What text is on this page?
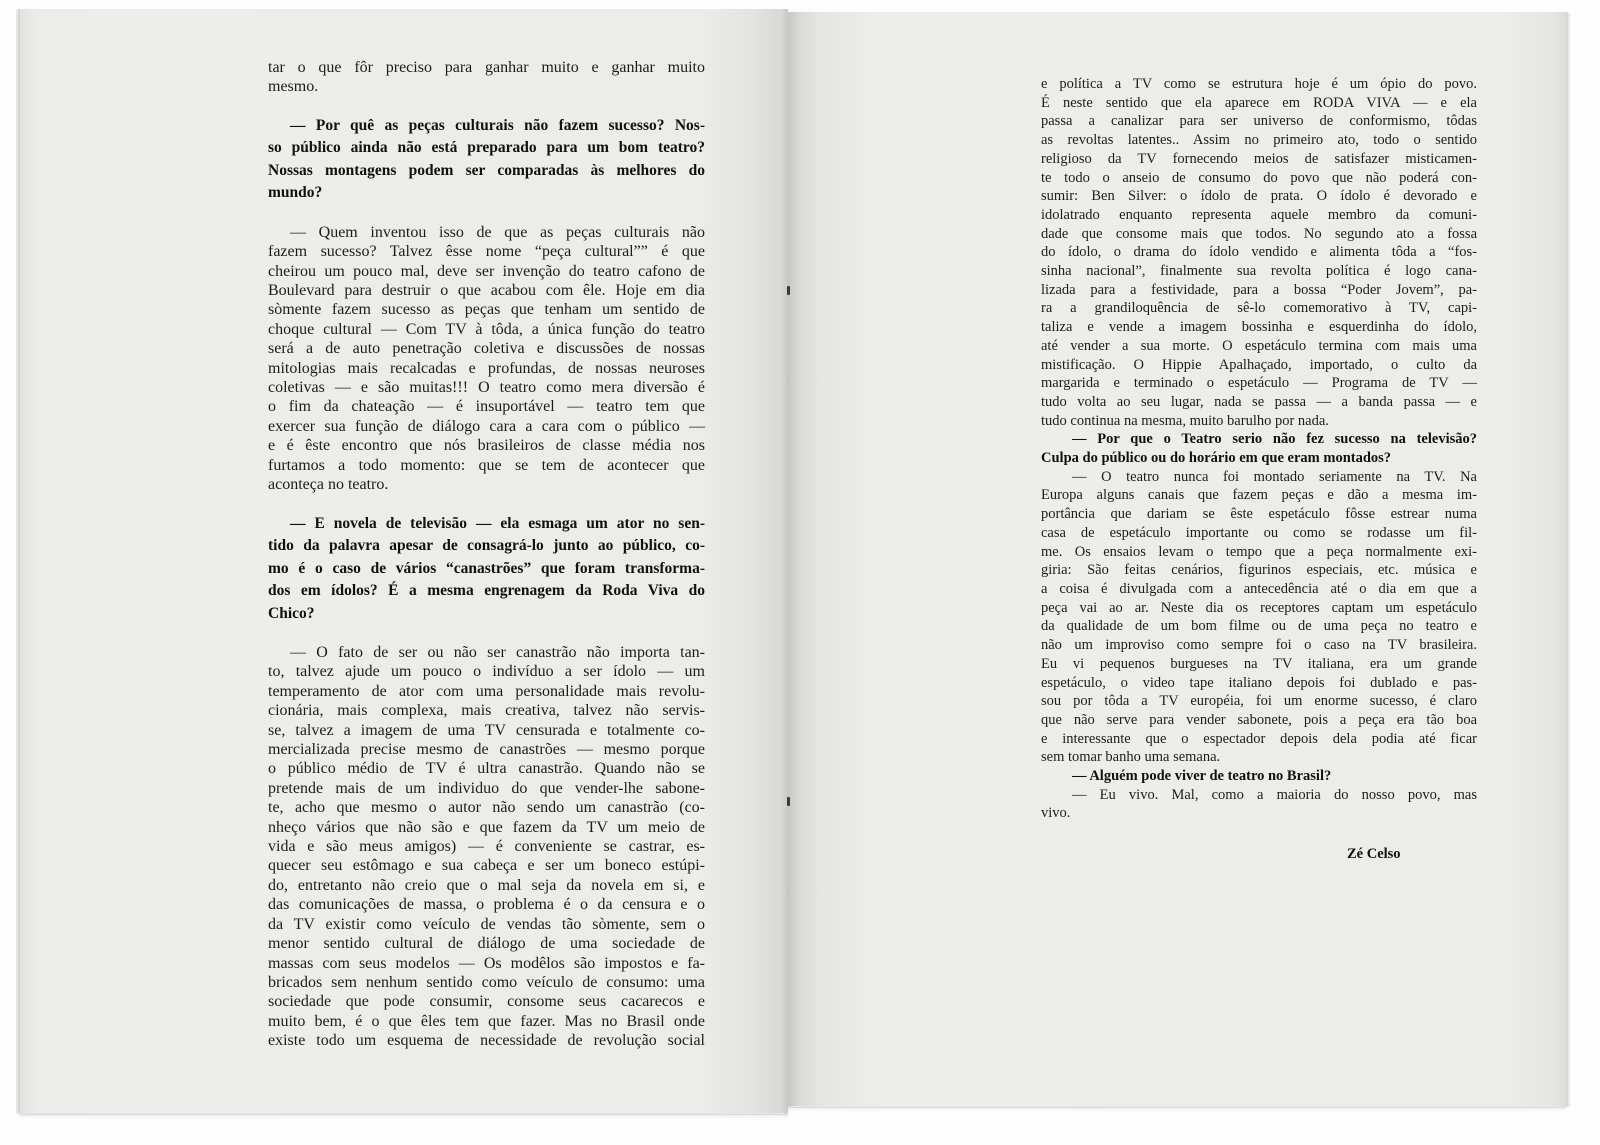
tar o que fôr preciso para ganhar muito e ganhar muito
mesmo.
— Por quê as peças culturais não fazem sucesso? Nos-
so público ainda não está preparado para um bom teatro?
Nossas montagens podem ser comparadas às melhores do
mundo?
— Quem inventou isso de que as peças culturais não
fazem sucesso? Talvez êsse nome “peça cultural”” é que
cheirou um pouco mal, deve ser invenção do teatro cafono de
Boulevard para destruir o que acabou com êle. Hoje em dia
sòmente fazem sucesso as peças que tenham um sentido de
choque cultural — Com TV à tôda, a única função do teatro
será a de auto penetração coletiva e discussões de nossas
mitologias mais recalcadas e profundas, de nossas neuroses
coletivas — e são muitas!!! O teatro como mera diversão é
o fim da chateação — é insuportável — teatro tem que
exercer sua função de diálogo cara a cara com o público —
e é êste encontro que nós brasileiros de classe média nos
furtamos a todo momento: que se tem de acontecer que
aconteça no teatro.
— E novela de televisão — ela esmaga um ator no sen-
tido da palavra apesar de consagrá-lo junto ao público, co-
mo é o caso de vários “canastrões” que foram transforma-
dos em ídolos? É a mesma engrenagem da Roda Viva do
Chico?
— O fato de ser ou não ser canastrão não importa tan-
to, talvez ajude um pouco o indivíduo a ser ídolo — um
temperamento de ator com uma personalidade mais revolu-
cionária, mais complexa, mais creativa, talvez não servis-
se, talvez a imagem de uma TV censurada e totalmente co-
mercializada precise mesmo de canastrões — mesmo porque
o público médio de TV é ultra canastrão. Quando não se
pretende mais de um individuo do que vender-lhe sabone-
te, acho que mesmo o autor não sendo um canastrão (co-
nheço vários que não são e que fazem da TV um meio de
vida e são meus amigos) — é conveniente se castrar, es-
quecer seu estômago e sua cabeça e ser um boneco estúpi-
do, entretanto não creio que o mal seja da novela em si, e
das comunicações de massa, o problema é o da censura e o
da TV existir como veículo de vendas tão sòmente, sem o
menor sentido cultural de diálogo de uma sociedade de
massas com seus modelos — Os modêlos são impostos e fa-
bricados sem nenhum sentido como veículo de consumo: uma
sociedade que pode consumir, consome seus cacarecos e
muito bem, é o que êles tem que fazer. Mas no Brasil onde
existe todo um esquema de necessidade de revolução social
e política a TV como se estrutura hoje é um ópio do povo.
É neste sentido que ela aparece em RODA VIVA — e ela
passa a canalizar para ser universo de conformismo, tôdas
as revoltas latentes.. Assim no primeiro ato, todo o sentido
religioso da TV fornecendo meios de satisfazer misticamen-
te todo o anseio de consumo do povo que não poderá con-
sumir: Ben Silver: o ídolo de prata. O ídolo é devorado e
idolatrado enquanto representa aquele membro da comuni-
dade que consome mais que todos. No segundo ato a fossa
do ídolo, o drama do ídolo vendido e alimenta tôda a “fos-
sinha nacional”, finalmente sua revolta política é logo cana-
lizada para a festividade, para a bossa “Poder Jovem”, pa-
ra a grandiloquência de sê-lo comemorativo à TV, capi-
taliza e vende a imagem bossinha e esquerdinha do ídolo,
até vender a sua morte. O espetáculo termina com mais uma
mistificação. O Hippie Apalhaçado, importado, o culto da
margarida e terminado o espetáculo — Programa de TV —
tudo volta ao seu lugar, nada se passa — a banda passa — e
tudo continua na mesma, muito barulho por nada.
— Por que o Teatro serio não fez sucesso na televisão?
Culpa do público ou do horário em que eram montados?
— O teatro nunca foi montado seriamente na TV. Na
Europa alguns canais que fazem peças e dão a mesma im-
portância que dariam se êste espetáculo fôsse estrear numa
casa de espetáculo importante ou como se rodasse um fil-
me. Os ensaios levam o tempo que a peça normalmente exi-
giria: São feitas cenários, figurinos especiais, etc. música e
a coisa é divulgada com a antecedência até o dia em que a
peça vai ao ar. Neste dia os receptores captam um espetáculo
da qualidade de um bom filme ou de uma peça no teatro e
não um improviso como sempre foi o caso na TV brasileira.
Eu vi pequenos burgueses na TV italiana, era um grande
espetáculo, o video tape italiano depois foi dublado e pas-
sou por tôda a TV européia, foi um enorme sucesso, é claro
que não serve para vender sabonete, pois a peça era tão boa
e interessante que o espectador depois dela podia até ficar
sem tomar banho uma semana.
— Alguém pode viver de teatro no Brasil?
— Eu vivo. Mal, como a maioria do nosso povo, mas
vivo.
Zé Celso
